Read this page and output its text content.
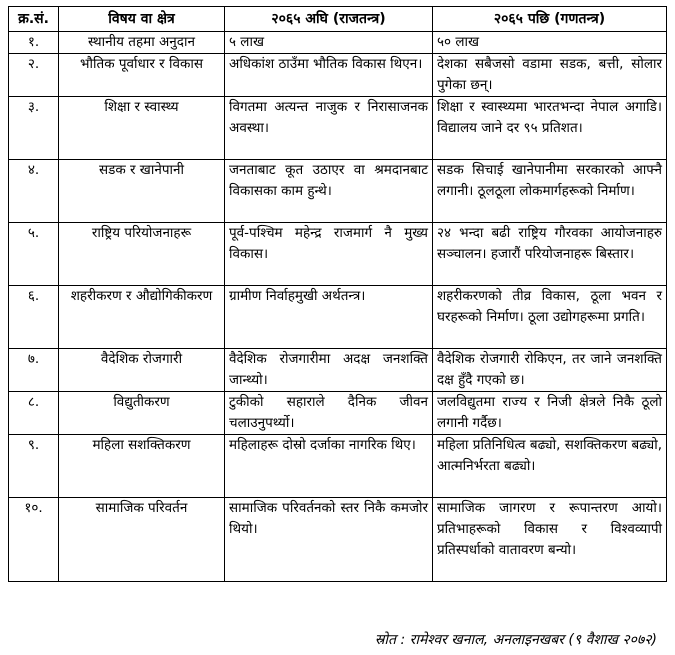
क्र.सं.	विषय वा क्षेत्र	२०६५ अघि (राजतन्त्र)	२०६५ पछि (गणतन्त्र)
१.	स्थानीय तहमा अनुदान	५ लाख	५० लाख
२.	भौतिक पूर्वाधार र विकास	अधिकांश ठाउँमा भौतिक विकास थिएन।	देशका सबैजसो वडामा सडक, बत्ती, सोलार पुगेका छन्।
३.	शिक्षा र स्वास्थ्य	विगतमा अत्यन्त नाजुक र निरासाजनक अवस्था।	शिक्षा र स्वास्थ्यमा भारतभन्दा नेपाल अगाडि। विद्यालय जाने दर ९५ प्रतिशत।
४.	सडक र खानेपानी	जनताबाट कूत उठाएर वा श्रमदानबाट विकासका काम हुन्थे।	सडक सिचाई खानेपानीमा सरकारको आफ्नै लगानी। ठूलठूला लोकमार्गहरूको निर्माण।
५.	राष्ट्रिय परियोजनाहरू	पूर्व-पश्चिम महेन्द्र राजमार्ग नै मुख्य विकास।	२४ भन्दा बढी राष्ट्रिय गौरवका आयोजनाहरु सञ्चालन। हजारौं परियोजनाहरू बिस्तार।
६.	शहरीकरण र औद्योगिकीकरण	ग्रामीण निर्वाहमुखी अर्थतन्त्र।	शहरीकरणको तीव्र विकास, ठूला भवन र घरहरूको निर्माण। ठूला उद्योगहरूमा प्रगति।
७.	वैदेशिक रोजगारी	वैदेशिक रोजगारीमा अदक्ष जनशक्ति जान्थ्यो।	वैदेशिक रोजगारी रोकिएन, तर जाने जनशक्ति दक्ष हुँदै गएको छ।
८.	विद्युतीकरण	टुकीको सहाराले दैनिक जीवन चलाउनुपर्थ्यो।	जलविद्युतमा राज्य र निजी क्षेत्रले निकै ठूलो लगानी गर्दैछ।
९.	महिला सशक्तिकरण	महिलाहरू दोस्रो दर्जाका नागरिक थिए।	महिला प्रतिनिधित्व बढ्यो, सशक्तिकरण बढ्यो, आत्मनिर्भरता बढ्यो।
१०.	सामाजिक परिवर्तन	सामाजिक परिवर्तनको स्तर निकै कमजोर थियो।	सामाजिक जागरण र रूपान्तरण आयो। प्रतिभाहरूको विकास र विश्वव्यापी प्रतिस्पर्धाको वातावरण बन्यो।
स्रोत : रामेश्वर खनाल, अनलाइनखबर (९ वैशाख २०७२)
